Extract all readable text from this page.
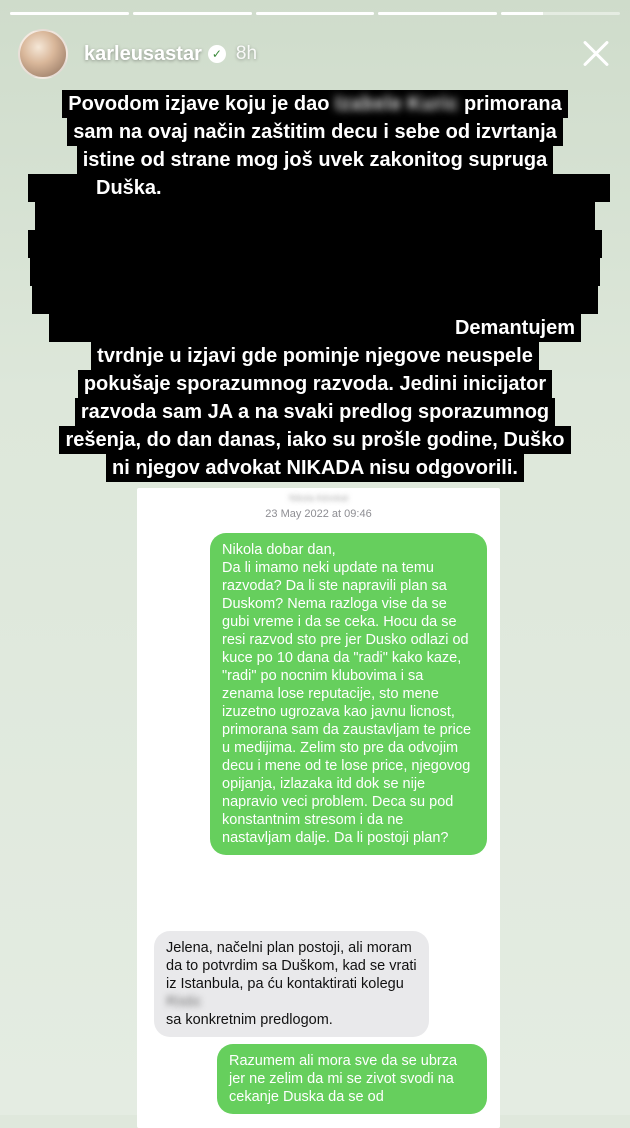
karleusastar ✓ 8h
Povodom izjave koju je dao Izabele Kuric primorana
sam na ovaj način zaštitim decu i sebe od izvrtanja
istine od strane mog još uvek zakonitog supruga
Duška.
Demantujem
tvrdnje u izjavi gde pominje njegove neuspele
pokušaje sporazumnog razvoda. Jedini inicijator
razvoda sam JA a na svaki predlog sporazumnog
rešenja, do dan danas, iako su prošle godine, Duško
ni njegov advokat NIKADA nisu odgovorili.
Nikola Advokat
23 May 2022 at 09:46
Nikola dobar dan,
Da li imamo neki update na temu razvoda? Da li ste napravili plan sa Duskom? Nema razloga vise da se gubi vreme i da se ceka. Hocu da se resi razvod sto pre jer Dusko odlazi od kuce po 10 dana da "radi" kako kaze, "radi" po nocnim klubovima i sa zenama lose reputacije, sto mene izuzetno ugrozava kao javnu licnost, primorana sam da zaustavljam te price u medijima. Zelim sto pre da odvojim decu i mene od te lose price, njegovog opijanja, izlazaka itd dok se nije napravio veci problem. Deca su pod konstantnim stresom i da ne nastavljam dalje. Da li postoji plan?
Jelena, načelni plan postoji, ali moram da to potvrdim sa Duškom, kad se vrati iz Istanbula, pa ću kontaktirati kolegu Ristic
sa konkretnim predlogom.
Razumem ali mora sve da se ubrza jer ne zelim da mi se zivot svodi na cekanje Duska da se od
